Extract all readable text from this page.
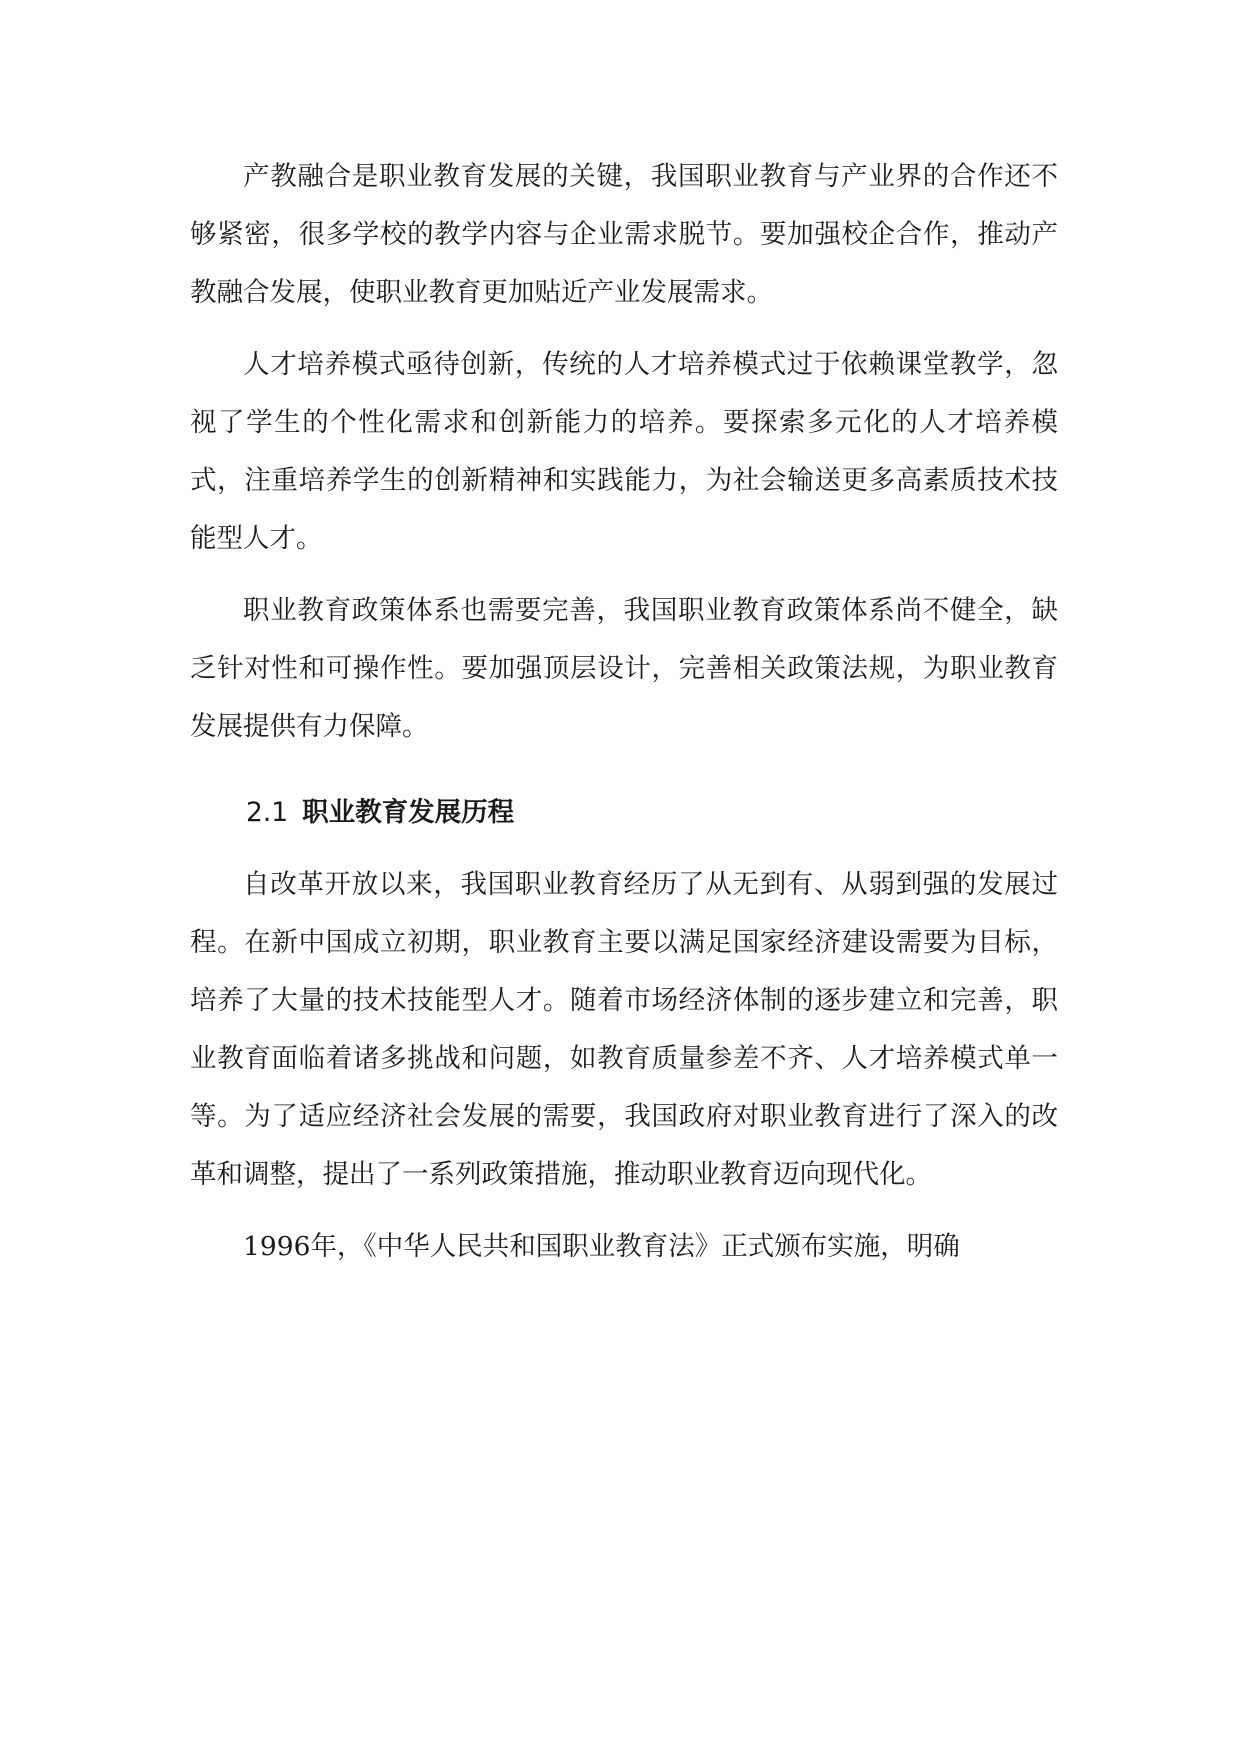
产教融合是职业教育发展的关键，我国职业教育与产业界的合作还不够紧密，很多学校的教学内容与企业需求脱节。要加强校企合作，推动产教融合发展，使职业教育更加贴近产业发展需求。

人才培养模式亟待创新，传统的人才培养模式过于依赖课堂教学，忽视了学生的个性化需求和创新能力的培养。要探索多元化的人才培养模式，注重培养学生的创新精神和实践能力，为社会输送更多高素质技术技能型人才。

职业教育政策体系也需要完善，我国职业教育政策体系尚不健全，缺乏针对性和可操作性。要加强顶层设计，完善相关政策法规，为职业教育发展提供有力保障。

2.1 职业教育发展历程

自改革开放以来，我国职业教育经历了从无到有、从弱到强的发展过程。在新中国成立初期，职业教育主要以满足国家经济建设需要为目标，培养了大量的技术技能型人才。随着市场经济体制的逐步建立和完善，职业教育面临着诸多挑战和问题，如教育质量参差不齐、人才培养模式单一等。为了适应经济社会发展的需要，我国政府对职业教育进行了深入的改革和调整，提出了一系列政策措施，推动职业教育迈向现代化。

1996年，《中华人民共和国职业教育法》正式颁布实施，明确
